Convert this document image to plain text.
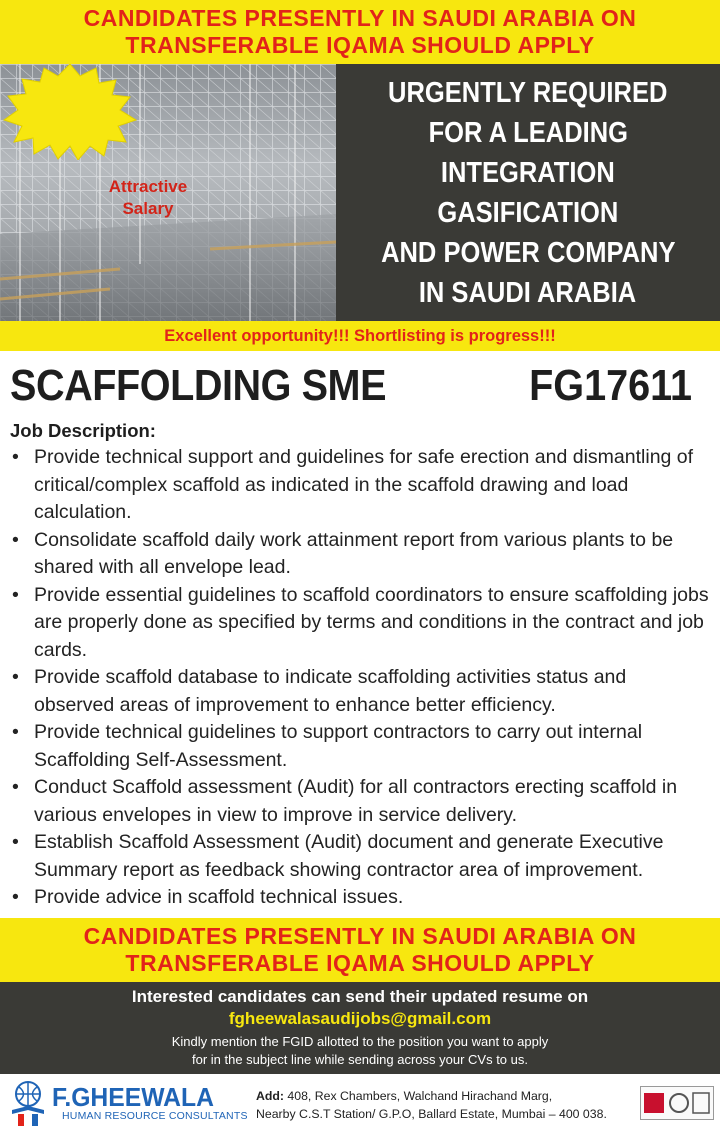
CANDIDATES PRESENTLY IN SAUDI ARABIA ON
TRANSFERABLE IQAMA SHOULD APPLY
Attractive
Salary
URGENTLY REQUIRED
FOR A LEADING
INTEGRATION
GASIFICATION
AND POWER COMPANY
IN SAUDI ARABIA
Excellent opportunity!!! Shortlisting is progress!!!
SCAFFOLDING SME	FG17611
Job Description:
• Provide technical support and guidelines for safe erection and dismantling of critical/complex scaffold as indicated in the scaffold drawing and load calculation.
• Consolidate scaffold daily work attainment report from various plants to be shared with all envelope lead.
• Provide essential guidelines to scaffold coordinators to ensure scaffolding jobs are properly done as specified by terms and conditions in the contract and job cards.
• Provide scaffold database to indicate scaffolding activities status and observed areas of improvement to enhance better efficiency.
• Provide technical guidelines to support contractors to carry out internal Scaffolding Self-Assessment.
• Conduct Scaffold assessment (Audit) for all contractors erecting scaffold in various envelopes in view to improve in service delivery.
• Establish Scaffold Assessment (Audit) document and generate Executive Summary report as feedback showing contractor area of improvement.
• Provide advice in scaffold technical issues.
CANDIDATES PRESENTLY IN SAUDI ARABIA ON
TRANSFERABLE IQAMA SHOULD APPLY
Interested candidates can send their updated resume on
fgheewalasaudijobs@gmail.com
Kindly mention the FGID allotted to the position you want to apply
for in the subject line while sending across your CVs to us.
F.GHEEWALA
HUMAN RESOURCE CONSULTANTS
Add: 408, Rex Chambers, Walchand Hirachand Marg,
Nearby C.S.T Station/ G.P.O, Ballard Estate, Mumbai – 400 038.
